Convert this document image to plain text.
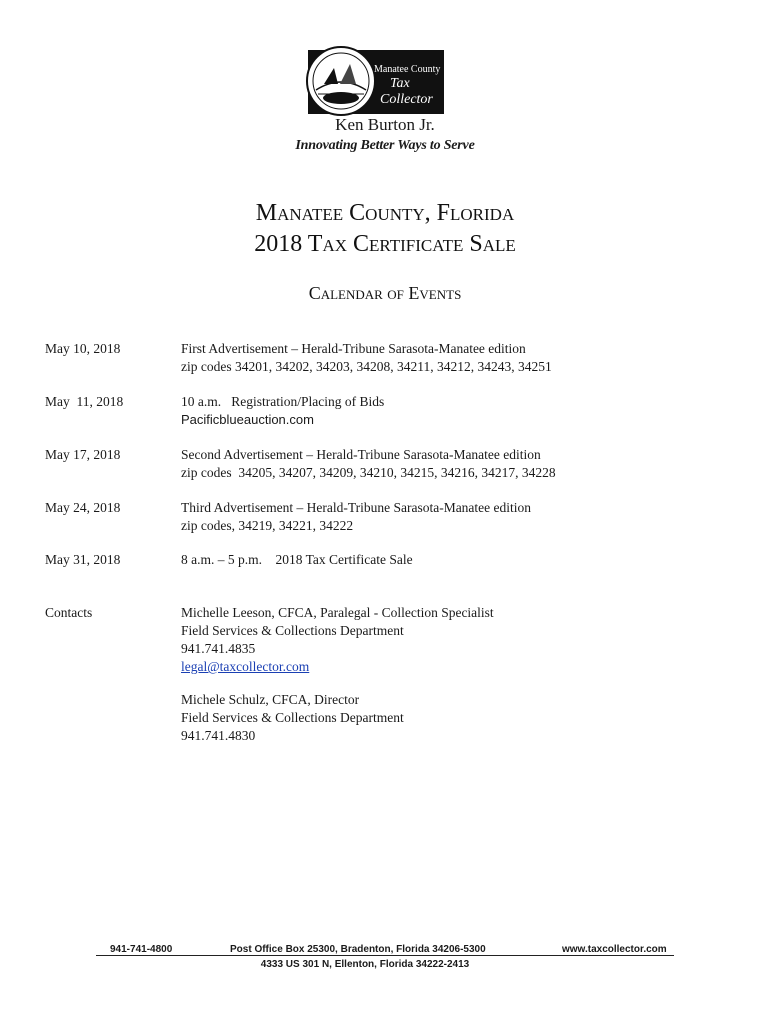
Manatee County
Tax
Collector
Ken Burton Jr.
Innovating Better Ways to Serve
Manatee County, Florida
2018 Tax Certificate Sale
Calendar of Events
May 10, 2018	First Advertisement – Herald-Tribune Sarasota-Manatee edition
zip codes 34201, 34202, 34203, 34208, 34211, 34212, 34243, 34251
May  11, 2018	10 a.m.   Registration/Placing of Bids
Pacificblueauction.com
May 17, 2018	Second Advertisement – Herald-Tribune Sarasota-Manatee edition
zip codes  34205, 34207, 34209, 34210, 34215, 34216, 34217, 34228
May 24, 2018	Third Advertisement – Herald-Tribune Sarasota-Manatee edition
zip codes, 34219, 34221, 34222
May 31, 2018	8 a.m. – 5 p.m.    2018 Tax Certificate Sale
Contacts	Michelle Leeson, CFCA, Paralegal - Collection Specialist
Field Services & Collections Department
941.741.4835
legal@taxcollector.com
Michele Schulz, CFCA, Director
Field Services & Collections Department
941.741.4830
941-741-4800	Post Office Box 25300, Bradenton, Florida 34206-5300	www.taxcollector.com
4333 US 301 N, Ellenton, Florida 34222-2413
